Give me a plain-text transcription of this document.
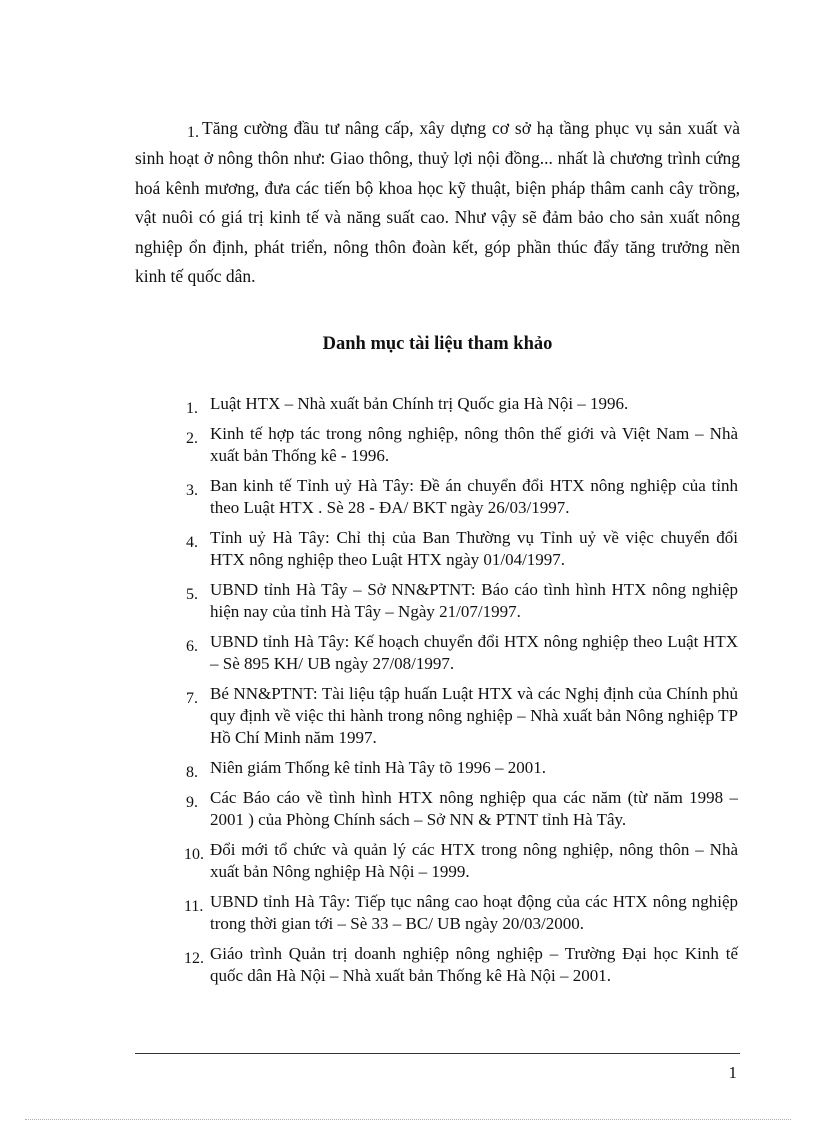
1. Tăng cường đầu tư nâng cấp, xây dựng cơ sở hạ tầng phục vụ sản xuất và sinh hoạt ở nông thôn như: Giao thông, thuỷ lợi nội đồng... nhất là chương trình cứng hoá kênh mương, đưa các tiến bộ khoa học kỹ thuật, biện pháp thâm canh cây trồng, vật nuôi có giá trị kinh tế và năng suất cao. Như vậy sẽ đảm bảo cho sản xuất nông nghiệp ổn định, phát triển, nông thôn đoàn kết, góp phần thúc đẩy tăng trưởng nền kinh tế quốc dân.

Danh mục tài liệu tham khảo
1. Luật HTX – Nhà xuất bản Chính trị Quốc gia Hà Nội – 1996.
2. Kinh tế hợp tác trong nông nghiệp, nông thôn thế giới và Việt Nam – Nhà xuất bản Thống kê - 1996.
3. Ban kinh tế Tỉnh uỷ Hà Tây: Đề án chuyển đổi HTX nông nghiệp của tỉnh theo Luật HTX . Sè 28 - ĐA/ BKT ngày 26/03/1997.
4. Tỉnh uỷ Hà Tây: Chỉ thị của Ban Thường vụ Tỉnh uỷ về việc chuyển đổi HTX nông nghiệp theo Luật HTX ngày 01/04/1997.
5. UBND tỉnh Hà Tây – Sở NN&PTNT: Báo cáo tình hình HTX nông nghiệp hiện nay của tỉnh Hà Tây – Ngày 21/07/1997.
6. UBND tỉnh Hà Tây: Kế hoạch chuyển đổi HTX nông nghiệp theo Luật HTX – Sè 895 KH/ UB ngày 27/08/1997.
7. Bé NN&PTNT: Tài liệu tập huấn Luật HTX và các Nghị định của Chính phủ quy định về việc thi hành trong nông nghiệp – Nhà xuất bản Nông nghiệp TP Hồ Chí Minh năm 1997.
8. Niên giám Thống kê tỉnh Hà Tây tõ 1996 – 2001.
9. Các Báo cáo về tình hình HTX nông nghiệp qua các năm (từ năm 1998 – 2001 ) của Phòng Chính sách – Sở NN & PTNT tỉnh Hà Tây.
10. Đổi mới tổ chức và quản lý các HTX trong nông nghiệp, nông thôn – Nhà xuất bản Nông nghiệp Hà Nội – 1999.
11. UBND tỉnh Hà Tây: Tiếp tục nâng cao hoạt động của các HTX nông nghiệp trong thời gian tới – Sè 33 – BC/ UB ngày 20/03/2000.
12. Giáo trình Quản trị doanh nghiệp nông nghiệp – Trường Đại học Kinh tế quốc dân Hà Nội – Nhà xuất bản Thống kê Hà Nội – 2001.
1
